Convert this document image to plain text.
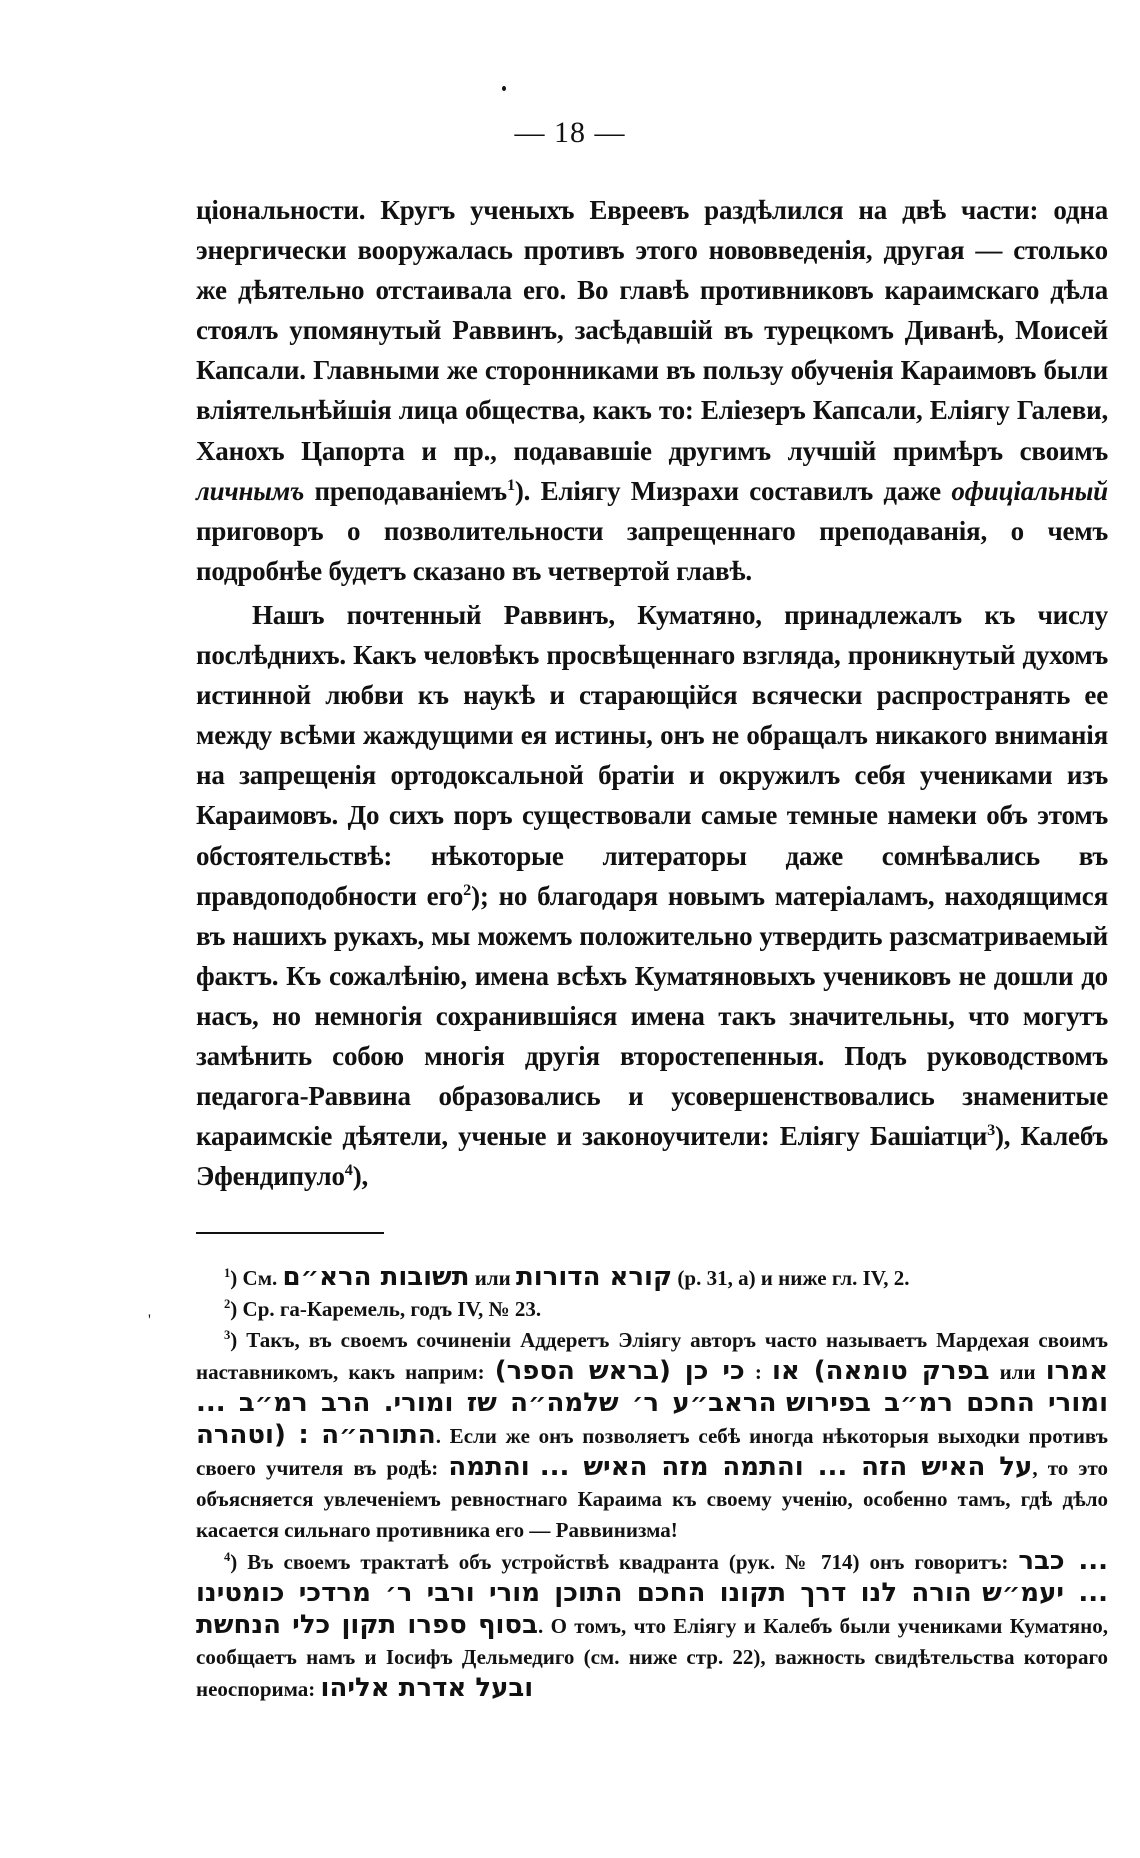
— 18 —

ціональности. Кругъ ученыхъ Евреевъ раздѣлился на двѣ части: одна энергически вооружалась противъ этого нововведенія, другая — столько же дѣятельно отстаивала его. Во главѣ противниковъ караимскаго дѣла стоялъ упомянутый Раввинъ, засѣдавшій въ турецкомъ Диванѣ, Моисей Капсали. Главными же сторонниками въ пользу обученія Караимовъ были вліятельнѣйшія лица общества, какъ то: Еліезеръ Капсали, Еліягу Галеви, Ханохъ Цапорта и пр., подававшіе другимъ лучшій примѣръ своимъ личнымъ преподаваніемъ$^1$). Еліягу Мизрахи составилъ даже офиціальный приговоръ о позволительности запрещеннаго преподаванія, о чемъ подробнѣе будетъ сказано въ четвертой главѣ.

Нашъ почтенный Раввинъ, Куматяно, принадлежалъ къ числу послѣднихъ. Какъ человѣкъ просвѣщеннаго взгляда, проникнутый духомъ истинной любви къ наукѣ и старающійся всячески распространять ее между всѣми жаждущими ея истины, онъ не обращалъ никакого вниманія на запрещенія ортодоксальной братіи и окружилъ себя учениками изъ Караимовъ. До сихъ поръ существовали самые темные намеки объ этомъ обстоятельствѣ: нѣкоторые литераторы даже сомнѣвались въ правдоподобности его$^2$); но благодаря новымъ матеріаламъ, находящимся въ нашихъ рукахъ, мы можемъ положительно утвердить разсматриваемый фактъ. Къ сожалѣнію, имена всѣхъ Куматяновыхъ учениковъ не дошли до насъ, но немногія сохранившіяся имена такъ значительны, что могутъ замѣнить собою многія другія второстепенныя. Подъ руководствомъ педагога-Раввина образовались и усовершенствовались знаменитые караимскіе дѣятели, ученые и законоучители: Еліягу Башіатци$^3$), Калебъ Эфендипуло$^4$),

'

$^1$) См. תשובות הרא״ם или קורא הדורות (р. 31, а) и ниже гл. IV, 2.

$^2$) Ср. га-Каремель, годъ IV, № 23.

$^3$) Такъ, въ своемъ сочиненіи Аддеретъ Эліягу авторъ часто называетъ Мардехая своимъ наставникомъ, какъ наприм: כי כן (בראש הספר) : בפרק טומאה) או или אמרו הראב״ע ר׳ שלמה״ה שז ומורי. הרב רמ״ב ... ומורי החכם רמ״ב בפירוש התורה״ה : (וטהרה. Если же онъ позволяетъ себѣ иногда нѣкоторыя выходки противъ своего учителя въ родѣ: והתמה על האיש הזה ... והתמה מזה האיש ..., то это объясняется увлеченіемъ ревностнаго Караима къ своему ученію, особенно тамъ, гдѣ дѣло касается сильнаго противника его — Раввинизма!

$^4$) Въ своемъ трактатѣ объ устройствѣ квадранта (рук. № 714) онъ говоритъ: ... כבר הורה לנו דרך תקונו החכם התוכן מורי ורבי ר׳ מרדכי כומטינו ... יעמ״ש בסוף ספרו תקון כלי הנחשת. О томъ, что Еліягу и Калебъ были учениками Куматяно, сообщаетъ намъ и Іосифъ Дельмедиго (см. ниже стр. 22), важность свидѣтельства котораго неоспорима: ובעל אדרת אליהו
